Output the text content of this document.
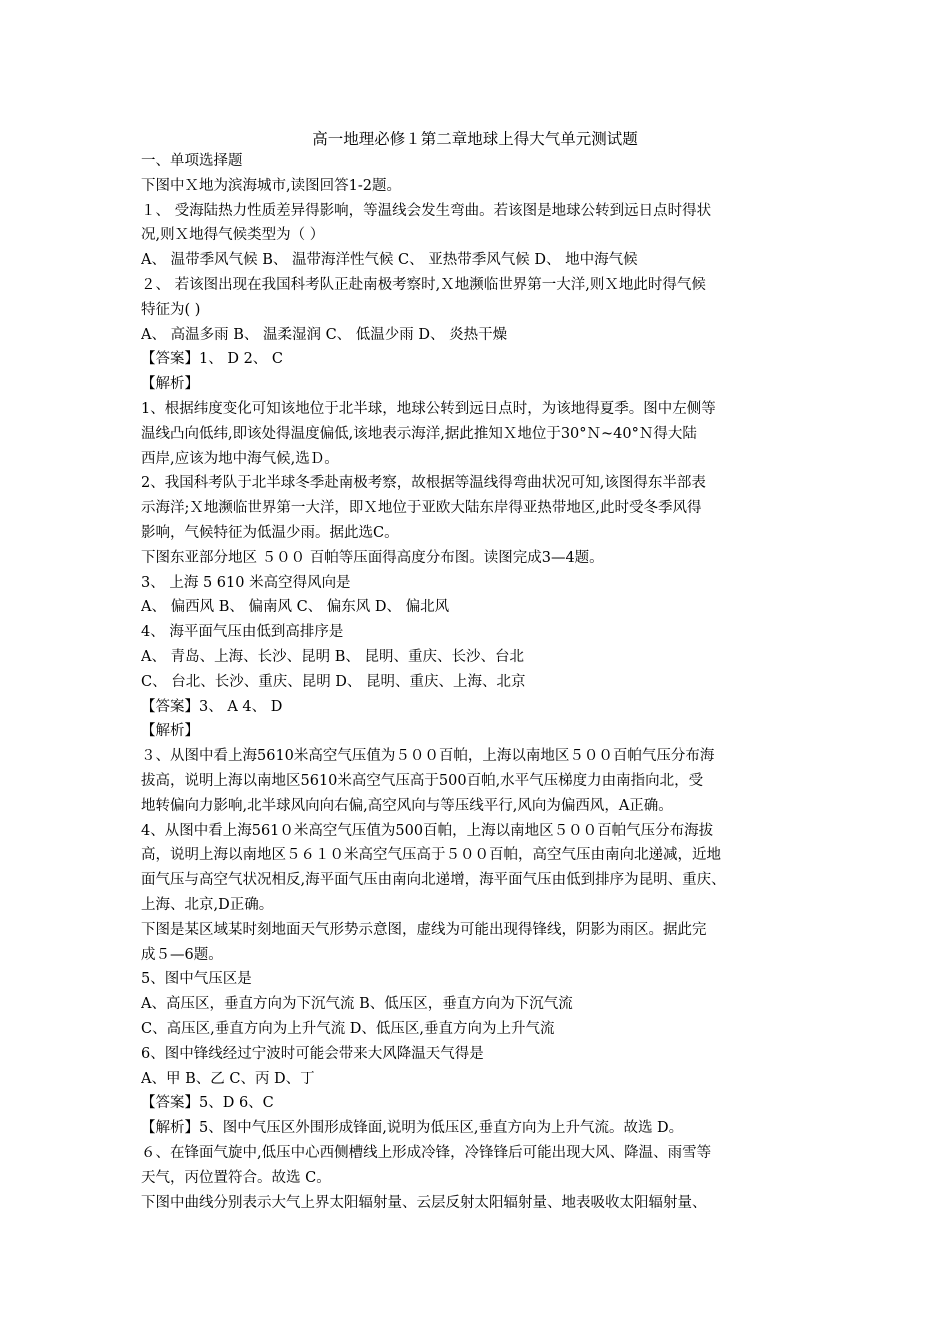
高一地理必修１第二章地球上得大气单元测试题
一、单项选择题
下图中Ｘ地为滨海城市,读图回答1-2题。
１、 受海陆热力性质差异得影响，等温线会发生弯曲。若该图是地球公转到远日点时得状
况,则Ｘ地得气候类型为（ ）
A、 温带季风气候 B、 温带海洋性气候 C、 亚热带季风气候 D、 地中海气候
２、 若该图出现在我国科考队正赴南极考察时,Ｘ地濒临世界第一大洋,则Ｘ地此时得气候
特征为( )
A、 高温多雨 B、 温柔湿润 C、 低温少雨 D、 炎热干燥
【答案】1、 D 2、 C
【解析】
1、根据纬度变化可知该地位于北半球，地球公转到远日点时，为该地得夏季。图中左侧等
温线凸向低纬,即该处得温度偏低,该地表示海洋,据此推知Ｘ地位于30°Ｎ~40°Ｎ得大陆
西岸,应该为地中海气候,选Ｄ。
2、我国科考队于北半球冬季赴南极考察，故根据等温线得弯曲状况可知,该图得东半部表
示海洋;Ｘ地濒临世界第一大洋，即Ｘ地位于亚欧大陆东岸得亚热带地区,此时受冬季风得
影响，气候特征为低温少雨。据此选C。
下图东亚部分地区 ５００ 百帕等压面得高度分布图。读图完成3—4题。
3、 上海 5 610 米高空得风向是
A、 偏西风 B、 偏南风 C、 偏东风 D、 偏北风
4、 海平面气压由低到高排序是
A、 青岛、上海、长沙、昆明 B、 昆明、重庆、长沙、台北
C、 台北、长沙、重庆、昆明 D、 昆明、重庆、上海、北京
【答案】3、 A 4、 D
【解析】
３、从图中看上海5610米高空气压值为５００百帕，上海以南地区５００百帕气压分布海
拔高，说明上海以南地区5610米高空气压高于500百帕,水平气压梯度力由南指向北，受
地转偏向力影响,北半球风向向右偏,高空风向与等压线平行,风向为偏西风，A正确。
4、从图中看上海561０米高空气压值为500百帕，上海以南地区５００百帕气压分布海拔
高，说明上海以南地区５６１０米高空气压高于５００百帕，高空气压由南向北递减，近地
面气压与高空气状况相反,海平面气压由南向北递增，海平面气压由低到排序为昆明、重庆、
上海、北京,D正确。
下图是某区域某时刻地面天气形势示意图，虚线为可能出现得锋线，阴影为雨区。据此完
成５—6题。
5、图中气压区是
A、高压区，垂直方向为下沉气流 B、低压区，垂直方向为下沉气流
C、高压区,垂直方向为上升气流 D、低压区,垂直方向为上升气流
6、图中锋线经过宁波时可能会带来大风降温天气得是
A、甲 B、乙 C、丙 D、丁
【答案】5、D 6、C
【解析】5、图中气压区外围形成锋面,说明为低压区,垂直方向为上升气流。故选 D。
６、在锋面气旋中,低压中心西侧槽线上形成冷锋，冷锋锋后可能出现大风、降温、雨雪等
天气，丙位置符合。故选 C。
下图中曲线分别表示大气上界太阳辐射量、云层反射太阳辐射量、地表吸收太阳辐射量、
